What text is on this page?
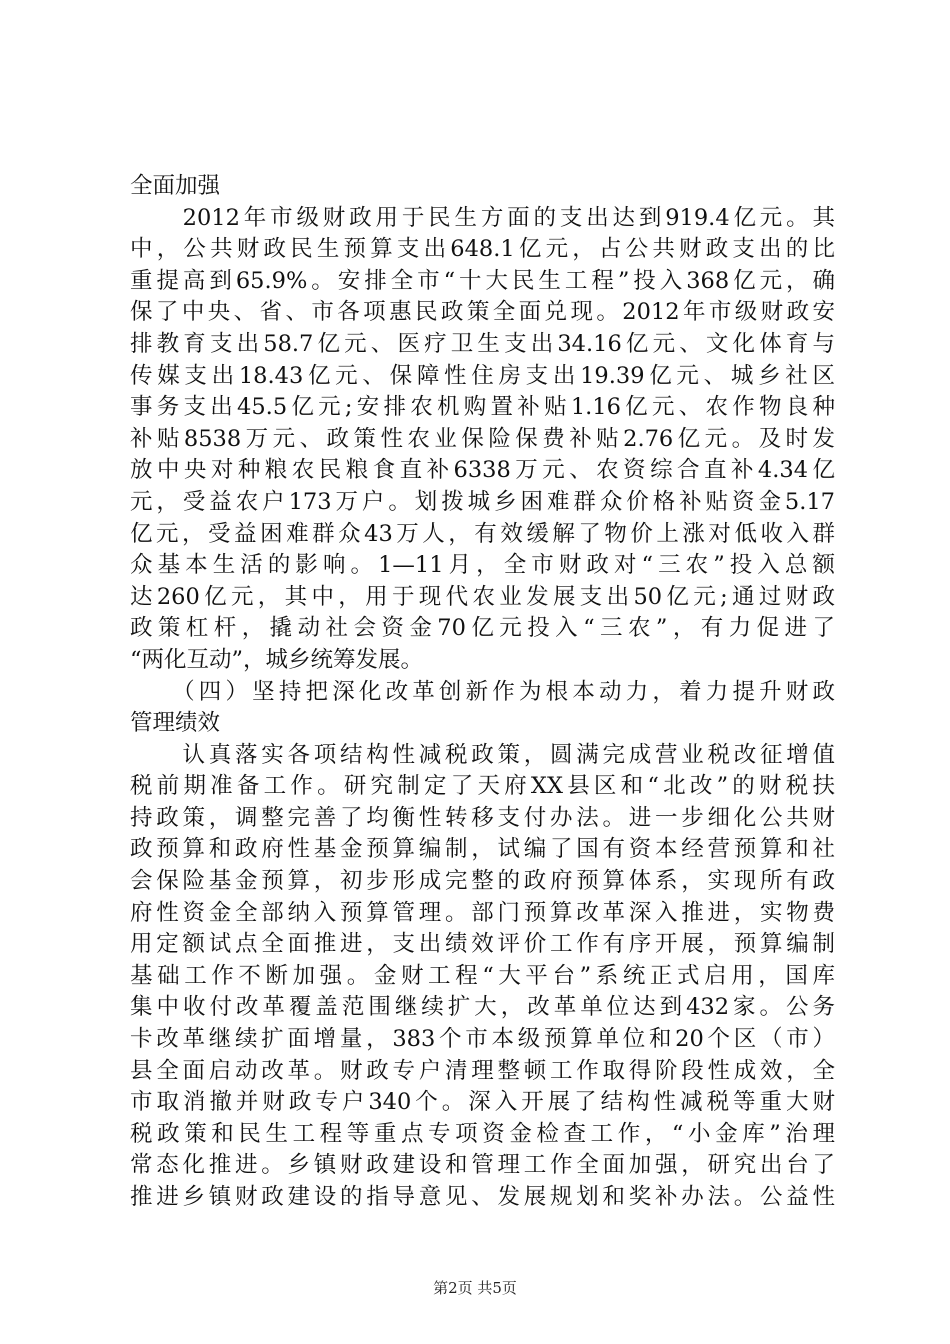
全面加强
　　2012年市级财政用于民生方面的支出达到919.4亿元。其
中，公共财政民生预算支出648.1亿元，占公共财政支出的比
重提高到65.9%。安排全市“十大民生工程”投入368亿元，确
保了中央、省、市各项惠民政策全面兑现。2012年市级财政安
排教育支出58.7亿元、医疗卫生支出34.16亿元、文化体育与
传媒支出18.43亿元、保障性住房支出19.39亿元、城乡社区
事务支出45.5亿元;安排农机购置补贴1.16亿元、农作物良种
补贴8538万元、政策性农业保险保费补贴2.76亿元。及时发
放中央对种粮农民粮食直补6338万元、农资综合直补4.34亿
元，受益农户173万户。划拨城乡困难群众价格补贴资金5.17
亿元，受益困难群众43万人，有效缓解了物价上涨对低收入群
众基本生活的影响。1—11月，全市财政对“三农”投入总额
达260亿元，其中，用于现代农业发展支出50亿元;通过财政
政策杠杆，撬动社会资金70亿元投入“三农”，有力促进了
“两化互动”，城乡统筹发展。
　　（四）坚持把深化改革创新作为根本动力，着力提升财政
管理绩效
　　认真落实各项结构性减税政策，圆满完成营业税改征增值
税前期准备工作。研究制定了天府XX县区和“北改”的财税扶
持政策，调整完善了均衡性转移支付办法。进一步细化公共财
政预算和政府性基金预算编制，试编了国有资本经营预算和社
会保险基金预算，初步形成完整的政府预算体系，实现所有政
府性资金全部纳入预算管理。部门预算改革深入推进，实物费
用定额试点全面推进，支出绩效评价工作有序开展，预算编制
基础工作不断加强。金财工程“大平台”系统正式启用，国库
集中收付改革覆盖范围继续扩大，改革单位达到432家。公务
卡改革继续扩面增量，383个市本级预算单位和20个区（市）
县全面启动改革。财政专户清理整顿工作取得阶段性成效，全
市取消撤并财政专户340个。深入开展了结构性减税等重大财
税政策和民生工程等重点专项资金检查工作，“小金库”治理
常态化推进。乡镇财政建设和管理工作全面加强，研究出台了
推进乡镇财政建设的指导意见、发展规划和奖补办法。公益性
第2页 共5页
